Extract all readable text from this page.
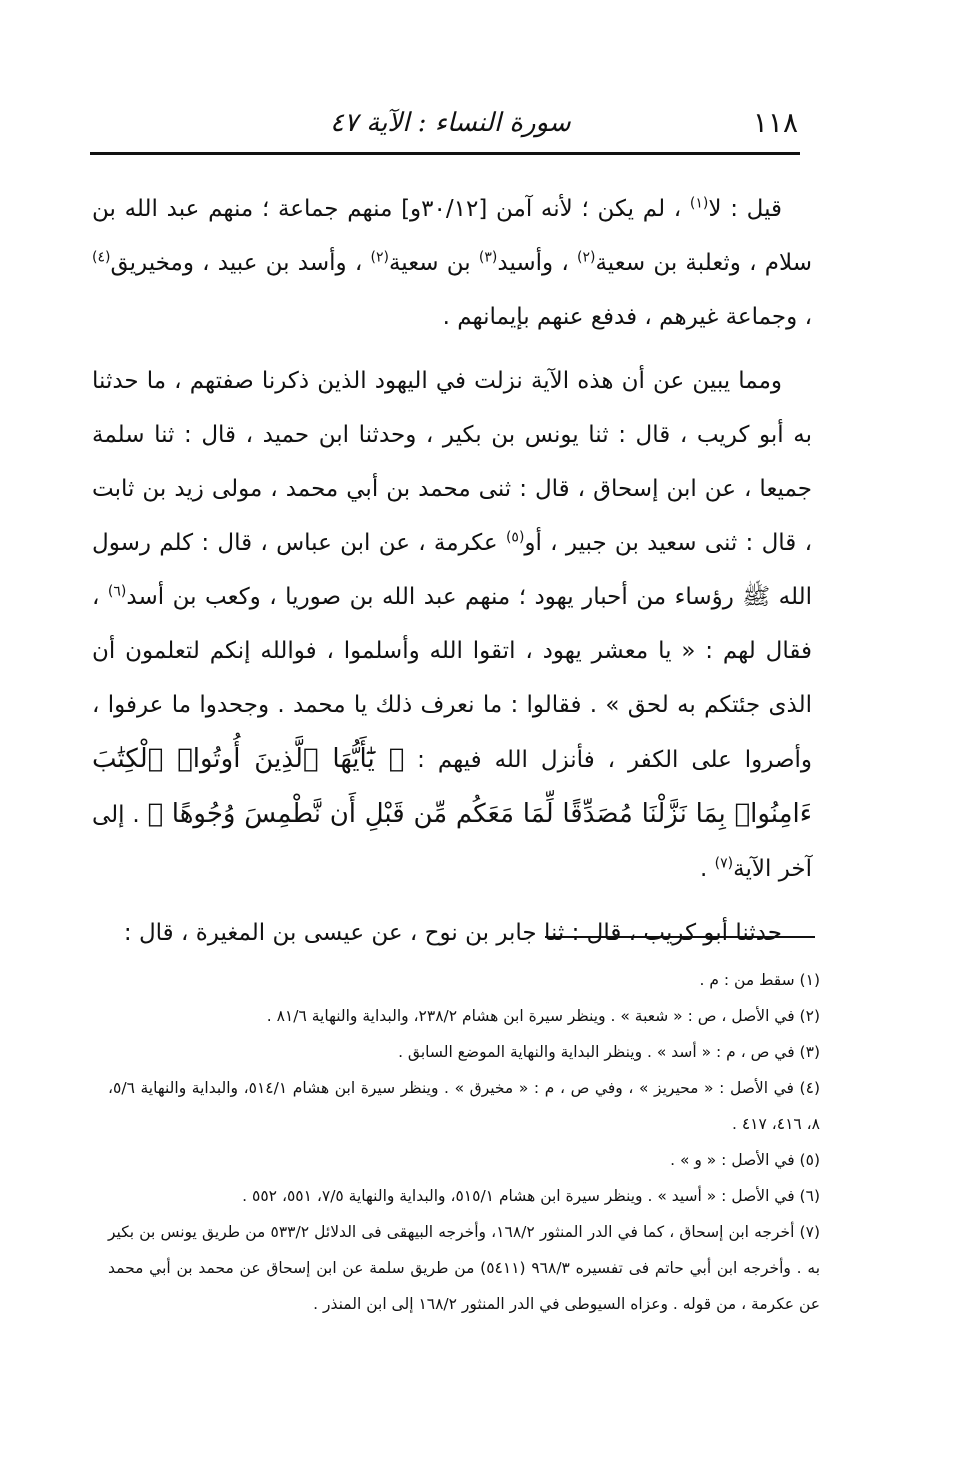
١١٨
سورة النساء : الآية ٤٧

قيل : لا$^{(١)}$ ، لم يكن ؛ لأنه آمن [٣٠/١٢و] منهم جماعة ؛ منهم عبد الله بن سلام ، وثعلبة بن سعية$^{(٢)}$ ، وأسيد$^{(٣)}$ بن سعية$^{(٢)}$ ، وأسد بن عبيد ، ومخيريق$^{(٤)}$ ، وجماعة غيرهم ، فدفع عنهم بإيمانهم .

ومما يبين عن أن هذه الآية نزلت في اليهود الذين ذكرنا صفتهم ، ما حدثنا به أبو كريب ، قال : ثنا يونس بن بكير ، وحدثنا ابن حميد ، قال : ثنا سلمة جميعا ، عن ابن إسحاق ، قال : ثنى محمد بن أبي محمد ، مولى زيد بن ثابت ، قال : ثنى سعيد بن جبير ، أو$^{(٥)}$ عكرمة ، عن ابن عباس ، قال : كلم رسول الله ﷺ رؤساء من أحبار يهود ؛ منهم عبد الله بن صوريا ، وكعب بن أسد$^{(٦)}$ ، فقال لهم : « يا معشر يهود ، اتقوا الله وأسلموا ، فوالله إنكم لتعلمون أن الذى جئتكم به لحق » . فقالوا : ما نعرف ذلك يا محمد . وجحدوا ما عرفوا ، وأصروا على الكفر ، فأنزل الله فيهم : ﴿ يَٰٓأَيُّهَا ٱلَّذِينَ أُوتُوا۟ ٱلْكِتَٰبَ ءَامِنُوا۟ بِمَا نَزَّلْنَا مُصَدِّقًا لِّمَا مَعَكُم مِّن قَبْلِ أَن نَّطْمِسَ وُجُوهًا ﴾ . إلى آخر الآية$^{(٧)}$ .

حدثنا أبو كريب ، قال : ثنا جابر بن نوح ، عن عيسى بن المغيرة ، قال :

(١) سقط من : م .

(٢) في الأصل ، ص : « شعبة » . وينظر سيرة ابن هشام ٢٣٨/٢، والبداية والنهاية ٨١/٦ .

(٣) في ص ، م : « أسد » . وينظر البداية والنهاية الموضع السابق .

(٤) في الأصل : « محيريز » ، وفي ص ، م : « مخيرق » . وينظر سيرة ابن هشام ٥١٤/١، والبداية والنهاية ٥/٦، ٨، ٤١٦، ٤١٧ .

(٥) في الأصل : « و » .

(٦) في الأصل : « أسيد » . وينظر سيرة ابن هشام ٥١٥/١، والبداية والنهاية ٧/٥، ٥٥١، ٥٥٢ .

(٧) أخرجه ابن إسحاق ، كما في الدر المنثور ١٦٨/٢، وأخرجه البيهقى فى الدلائل ٥٣٣/٢ من طريق يونس بن بكير به . وأخرجه ابن أبي حاتم فى تفسيره ٩٦٨/٣ (٥٤١١) من طريق سلمة عن ابن إسحاق عن محمد بن أبي محمد عن عكرمة ، من قوله . وعزاه السيوطى في الدر المنثور ١٦٨/٢ إلى ابن المنذر .
